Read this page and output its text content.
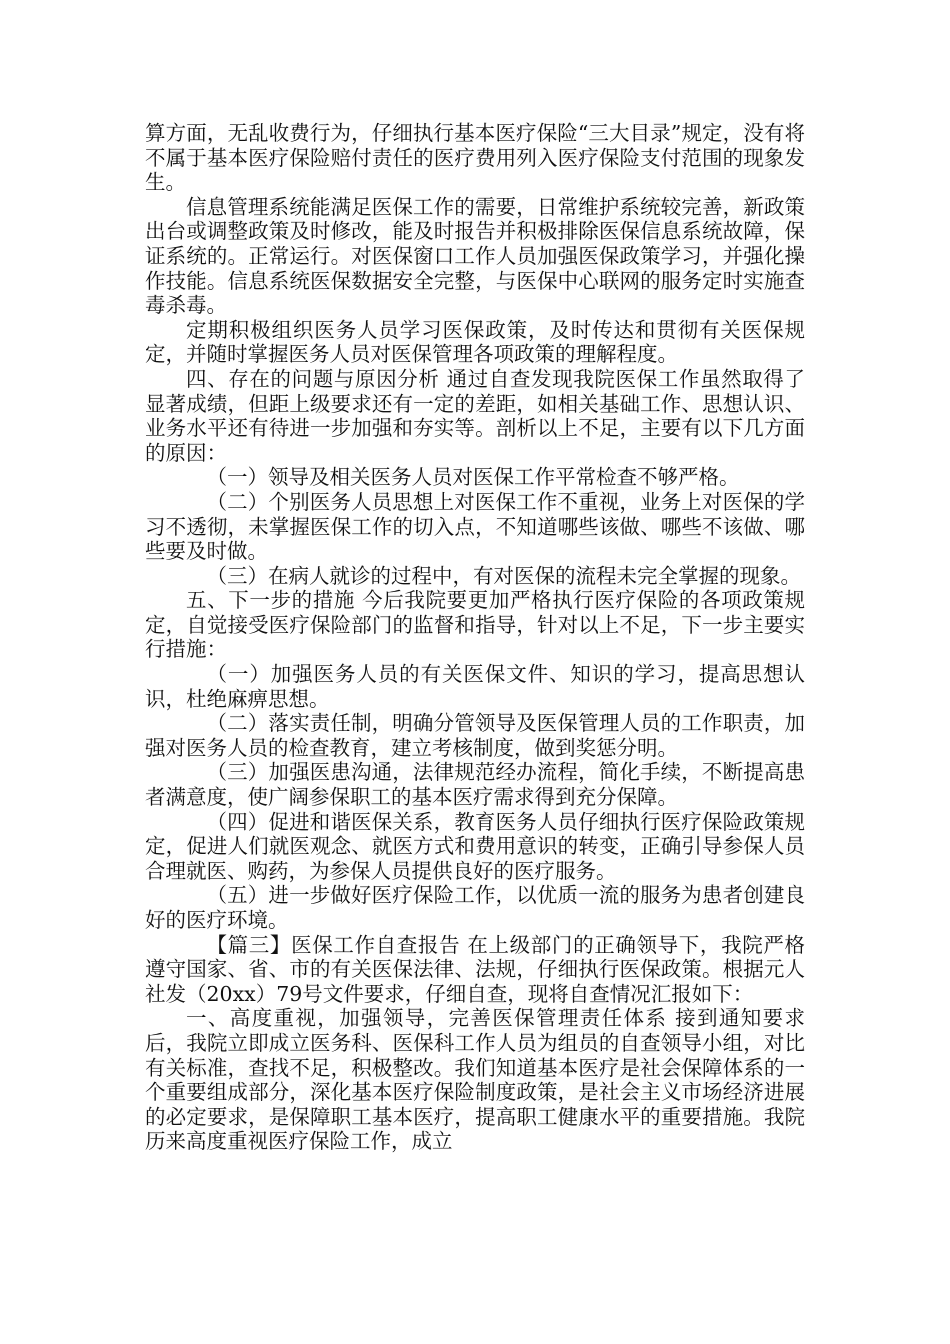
算方面，无乱收费行为，仔细执行基本医疗保险“三大目录”规定，没有将不属于基本医疗保险赔付责任的医疗费用列入医疗保险支付范围的现象发生。

信息管理系统能满足医保工作的需要，日常维护系统较完善，新政策出台或调整政策及时修改，能及时报告并积极排除医保信息系统故障，保证系统的。正常运行。对医保窗口工作人员加强医保政策学习，并强化操作技能。信息系统医保数据安全完整，与医保中心联网的服务定时实施查毒杀毒。

定期积极组织医务人员学习医保政策，及时传达和贯彻有关医保规定，并随时掌握医务人员对医保管理各项政策的理解程度。

四、存在的问题与原因分析 通过自查发现我院医保工作虽然取得了显著成绩，但距上级要求还有一定的差距，如相关基础工作、思想认识、业务水平还有待进一步加强和夯实等。剖析以上不足，主要有以下几方面的原因：

（一）领导及相关医务人员对医保工作平常检查不够严格。

（二）个别医务人员思想上对医保工作不重视，业务上对医保的学习不透彻，未掌握医保工作的切入点，不知道哪些该做、哪些不该做、哪些要及时做。

（三）在病人就诊的过程中，有对医保的流程未完全掌握的现象。

五、下一步的措施 今后我院要更加严格执行医疗保险的各项政策规定，自觉接受医疗保险部门的监督和指导，针对以上不足，下一步主要实行措施：

（一）加强医务人员的有关医保文件、知识的学习，提高思想认识，杜绝麻痹思想。

（二）落实责任制，明确分管领导及医保管理人员的工作职责，加强对医务人员的检查教育，建立考核制度，做到奖惩分明。

（三）加强医患沟通，法律规范经办流程，简化手续，不断提高患者满意度，使广阔参保职工的基本医疗需求得到充分保障。

（四）促进和谐医保关系，教育医务人员仔细执行医疗保险政策规定，促进人们就医观念、就医方式和费用意识的转变，正确引导参保人员合理就医、购药，为参保人员提供良好的医疗服务。

（五）进一步做好医疗保险工作，以优质一流的服务为患者创建良好的医疗环境。

【篇三】医保工作自查报告 在上级部门的正确领导下，我院严格遵守国家、省、市的有关医保法律、法规，仔细执行医保政策。根据元人社发（20xx）79号文件要求，仔细自查，现将自查情况汇报如下：

一、高度重视，加强领导，完善医保管理责任体系 接到通知要求后，我院立即成立医务科、医保科工作人员为组员的自查领导小组，对比有关标准，查找不足，积极整改。我们知道基本医疗是社会保障体系的一个重要组成部分，深化基本医疗保险制度政策，是社会主义市场经济进展的必定要求，是保障职工基本医疗，提高职工健康水平的重要措施。我院历来高度重视医疗保险工作，成立
